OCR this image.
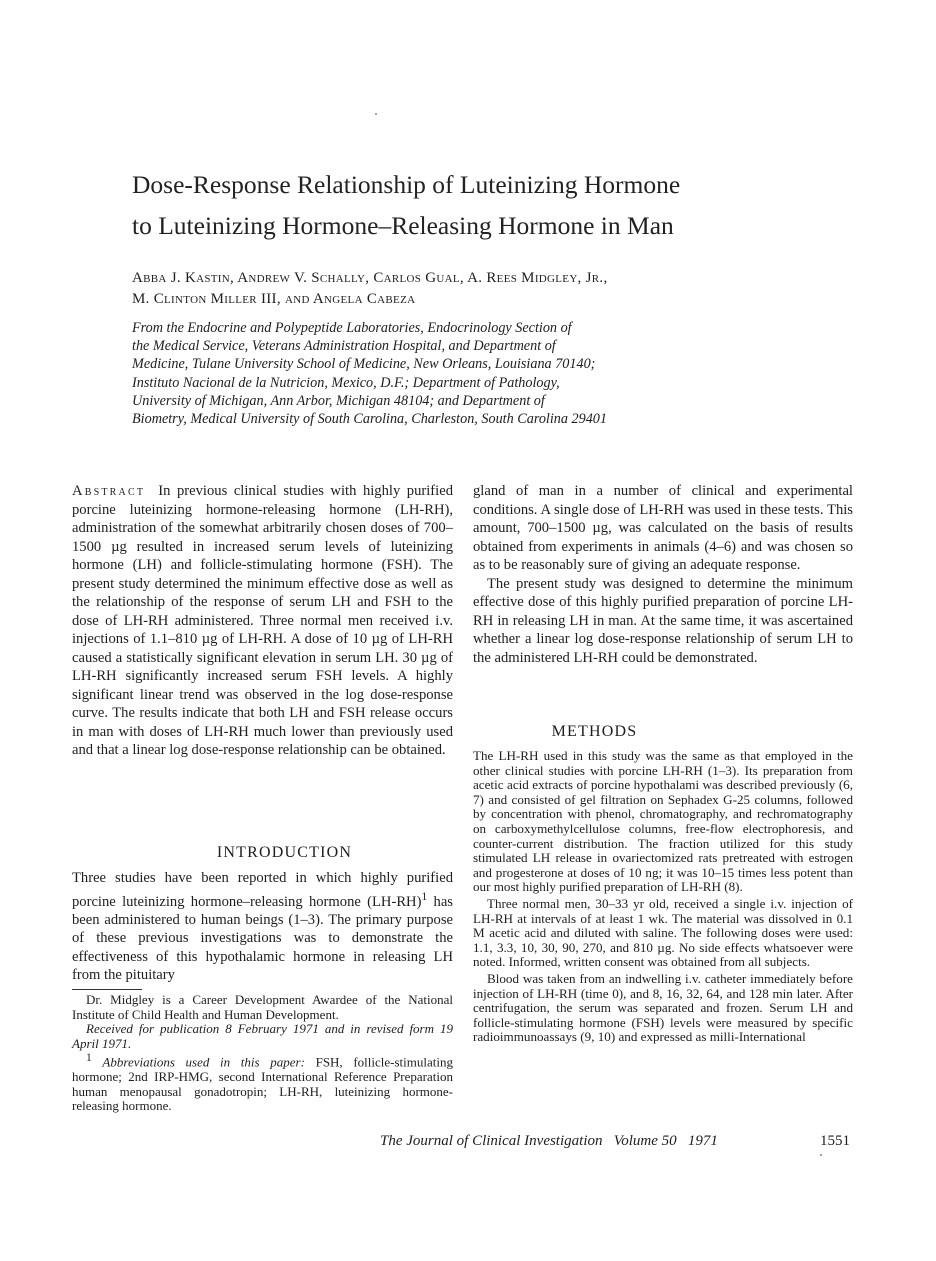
Dose-Response Relationship of Luteinizing Hormone
to Luteinizing Hormone–Releasing Hormone in Man
Abba J. Kastin, Andrew V. Schally, Carlos Gual, A. Rees Midgley, Jr.,
M. Clinton Miller III, and Angela Cabeza
From the Endocrine and Polypeptide Laboratories, Endocrinology Section of
the Medical Service, Veterans Administration Hospital, and Department of
Medicine, Tulane University School of Medicine, New Orleans, Louisiana 70140;
Instituto Nacional de la Nutricion, Mexico, D.F.; Department of Pathology,
University of Michigan, Ann Arbor, Michigan 48104; and Department of
Biometry, Medical University of South Carolina, Charleston, South Carolina 29401

Abstract In previous clinical studies with highly purified porcine luteinizing hormone-releasing hormone (LH-RH), administration of the somewhat arbitrarily chosen doses of 700–1500 µg resulted in increased serum levels of luteinizing hormone (LH) and follicle-stimulating hormone (FSH). The present study determined the minimum effective dose as well as the relationship of the response of serum LH and FSH to the dose of LH-RH administered. Three normal men received i.v. injections of 1.1–810 µg of LH-RH. A dose of 10 µg of LH-RH caused a statistically significant elevation in serum LH. 30 µg of LH-RH significantly increased serum FSH levels. A highly significant linear trend was observed in the log dose-response curve. The results indicate that both LH and FSH release occurs in man with doses of LH-RH much lower than previously used and that a linear log dose-response relationship can be obtained.

INTRODUCTION

Three studies have been reported in which highly purified porcine luteinizing hormone–releasing hormone (LH-RH)$^1$ has been administered to human beings (1–3). The primary purpose of these previous investigations was to demonstrate the effectiveness of this hypothalamic hormone in releasing LH from the pituitary

Dr. Midgley is a Career Development Awardee of the National Institute of Child Health and Human Development.

Received for publication 8 February 1971 and in revised form 19 April 1971.

$^1$ Abbreviations used in this paper: FSH, follicle-stimulating hormone; 2nd IRP-HMG, second International Reference Preparation human menopausal gonadotropin; LH-RH, luteinizing hormone-releasing hormone.

gland of man in a number of clinical and experimental conditions. A single dose of LH-RH was used in these tests. This amount, 700–1500 µg, was calculated on the basis of results obtained from experiments in animals (4–6) and was chosen so as to be reasonably sure of giving an adequate response.

The present study was designed to determine the minimum effective dose of this highly purified preparation of porcine LH-RH in releasing LH in man. At the same time, it was ascertained whether a linear log dose-response relationship of serum LH to the administered LH-RH could be demonstrated.

METHODS

The LH-RH used in this study was the same as that employed in the other clinical studies with porcine LH-RH (1–3). Its preparation from acetic acid extracts of porcine hypothalami was described previously (6, 7) and consisted of gel filtration on Sephadex G-25 columns, followed by concentration with phenol, chromatography, and rechromatography on carboxymethylcellulose columns, free-flow electrophoresis, and counter-current distribution. The fraction utilized for this study stimulated LH release in ovariectomized rats pretreated with estrogen and progesterone at doses of 10 ng; it was 10–15 times less potent than our most highly purified preparation of LH-RH (8).

Three normal men, 30–33 yr old, received a single i.v. injection of LH-RH at intervals of at least 1 wk. The material was dissolved in 0.1 M acetic acid and diluted with saline. The following doses were used: 1.1, 3.3, 10, 30, 90, 270, and 810 µg. No side effects whatsoever were noted. Informed, written consent was obtained from all subjects.

Blood was taken from an indwelling i.v. catheter immediately before injection of LH-RH (time 0), and 8, 16, 32, 64, and 128 min later. After centrifugation, the serum was separated and frozen. Serum LH and follicle-stimulating hormone (FSH) levels were measured by specific radioimmunoassays (9, 10) and expressed as milli-International

The Journal of Clinical Investigation Volume 50 1971	1551
